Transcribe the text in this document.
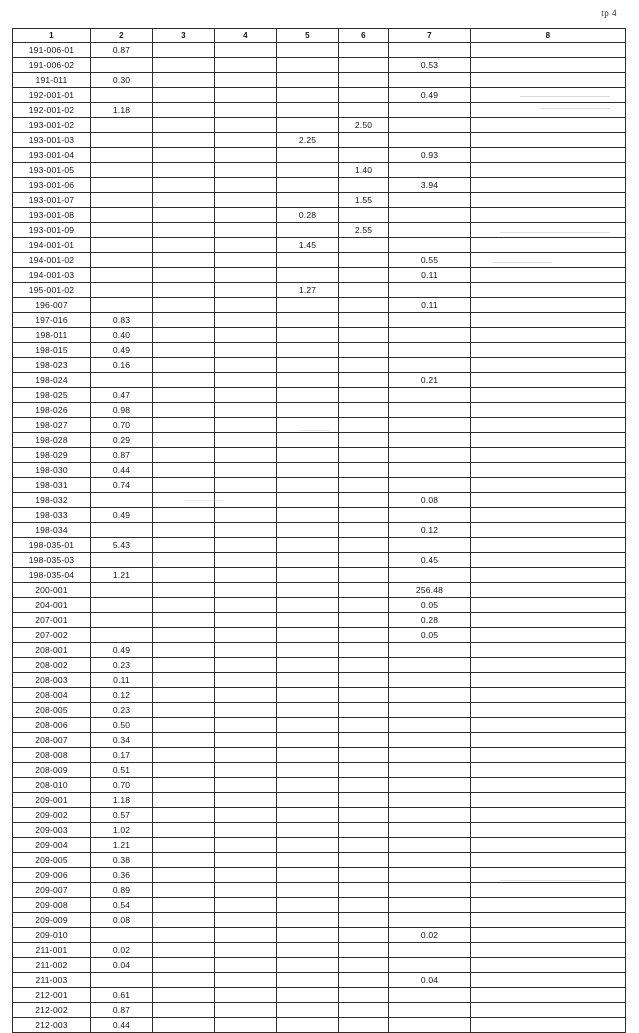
tp 4
1	2	3	4	5	6	7	8
191-006-01	0.87						
191-006-02						0.53	
191-011	0.30						
192-001-01						0.49	
192-001-02	1.18						
193-001-02					2.50		
193-001-03				2.25			
193-001-04						0.93	
193-001-05					1.40		
193-001-06						3.94	
193-001-07					1.55		
193-001-08				0.28			
193-001-09					2.55		
194-001-01				1.45			
194-001-02						0.55	
194-001-03						0.11	
195-001-02				1.27			
196-007						0.11	
197-016	0.83						
198-011	0.40						
198-015	0.49						
198-023	0.16						
198-024						0.21	
198-025	0.47						
198-026	0.98						
198-027	0.70						
198-028	0.29						
198-029	0.87						
198-030	0.44						
198-031	0.74						
198-032						0.08	
198-033	0.49						
198-034						0.12	
198-035-01	5.43						
198-035-03						0.45	
198-035-04	1.21						
200-001						256.48	
204-001						0.05	
207-001						0.28	
207-002						0.05	
208-001	0.49						
208-002	0.23						
208-003	0.11						
208-004	0.12						
208-005	0.23						
208-006	0.50						
208-007	0.34						
208-008	0.17						
208-009	0.51						
208-010	0.70						
209-001	1.18						
209-002	0.57						
209-003	1.02						
209-004	1.21						
209-005	0.38						
209-006	0.36						
209-007	0.89						
209-008	0.54						
209-009	0.08						
209-010						0.02	
211-001	0.02						
211-002	0.04						
211-003						0.04	
212-001	0.61						
212-002	0.87						
212-003	0.44						
